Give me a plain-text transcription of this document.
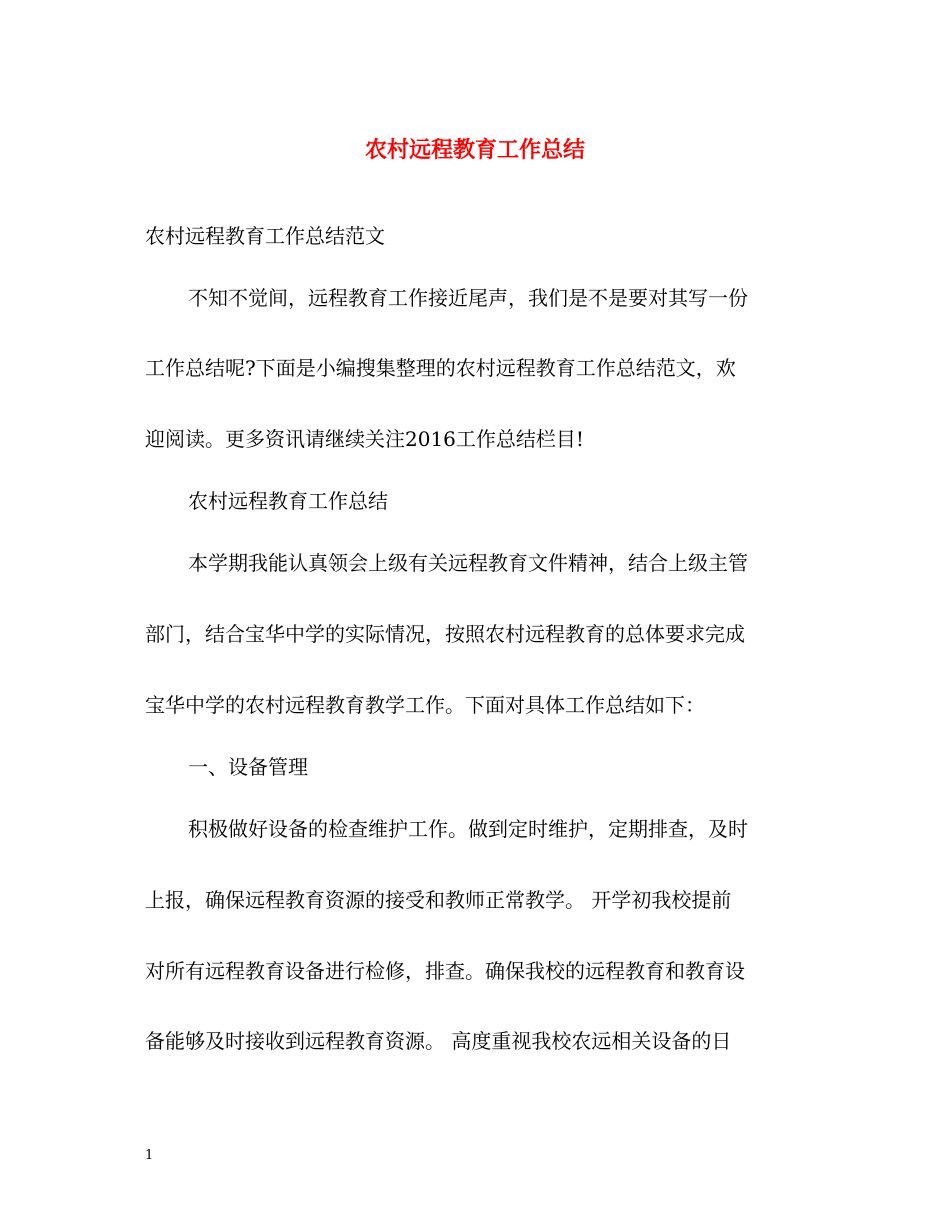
农村远程教育工作总结
农村远程教育工作总结范文
不知不觉间，远程教育工作接近尾声，我们是不是要对其写一份
工作总结呢?下面是小编搜集整理的农村远程教育工作总结范文，欢
迎阅读。更多资讯请继续关注2016工作总结栏目!
农村远程教育工作总结
本学期我能认真领会上级有关远程教育文件精神，结合上级主管
部门，结合宝华中学的实际情况，按照农村远程教育的总体要求完成
宝华中学的农村远程教育教学工作。下面对具体工作总结如下：
一、设备管理
积极做好设备的检查维护工作。做到定时维护，定期排查，及时
上报，确保远程教育资源的接受和教师正常教学。 开学初我校提前
对所有远程教育设备进行检修，排查。确保我校的远程教育和教育设
备能够及时接收到远程教育资源。 高度重视我校农远相关设备的日
1
